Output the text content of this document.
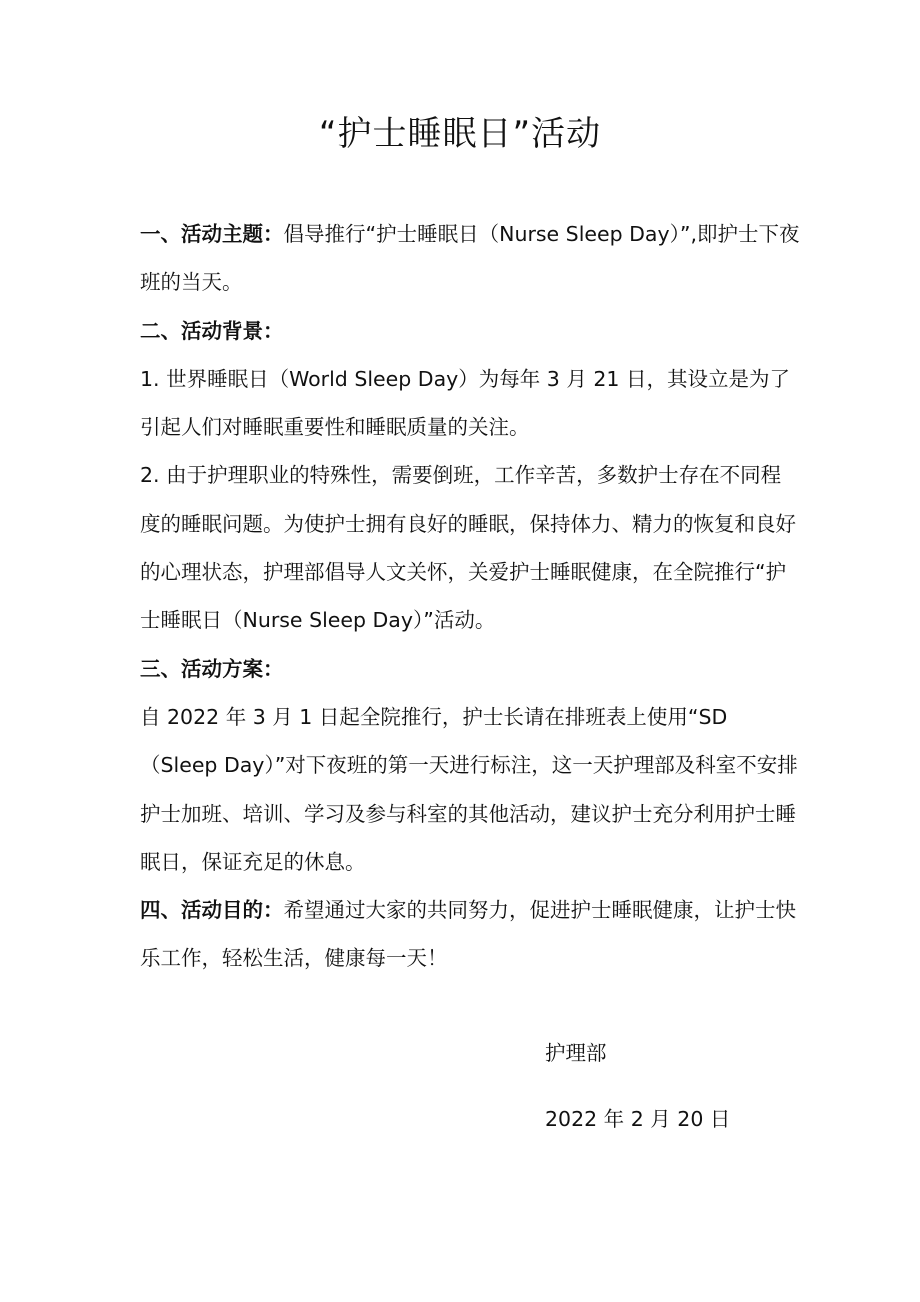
“护士睡眠日”活动

一、活动主题：倡导推行“护士睡眠日（Nurse Sleep Day）”,即护士下夜班的当天。

二、活动背景：

1. 世界睡眠日（World Sleep Day）为每年 3 月 21 日，其设立是为了引起人们对睡眠重要性和睡眠质量的关注。

2. 由于护理职业的特殊性，需要倒班，工作辛苦，多数护士存在不同程度的睡眠问题。为使护士拥有良好的睡眠，保持体力、精力的恢复和良好的心理状态，护理部倡导人文关怀，关爱护士睡眠健康，在全院推行“护士睡眠日（Nurse Sleep Day）”活动。

三、活动方案：

自 2022 年 3 月 1 日起全院推行，护士长请在排班表上使用“SD（Sleep Day）”对下夜班的第一天进行标注，这一天护理部及科室不安排护士加班、培训、学习及参与科室的其他活动，建议护士充分利用护士睡眠日，保证充足的休息。

四、活动目的：希望通过大家的共同努力，促进护士睡眠健康，让护士快乐工作，轻松生活，健康每一天！

护理部
2022 年 2 月 20 日
